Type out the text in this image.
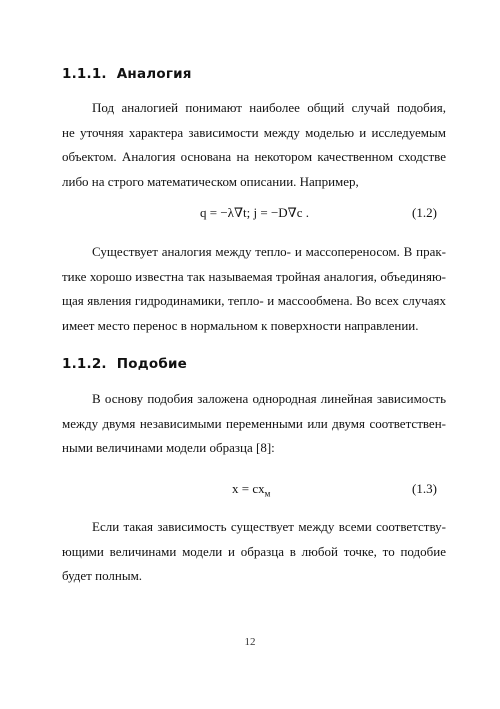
1.1.1. Аналогия
Под аналогией понимают наиболее общий случай подобия,
не уточняя характера зависимости между моделью и исследуемым
объектом. Аналогия основана на некотором качественном сходстве
либо на строго математическом описании. Например,
q = −λ∇t; j = −D∇c .	(1.2)
Существует аналогия между тепло- и массопереносом. В прак-
тике хорошо известна так называемая тройная аналогия, объединяю-
щая явления гидродинамики, тепло- и массообмена. Во всех случаях
имеет место перенос в нормальном к поверхности направлении.
1.1.2. Подобие
В основу подобия заложена однородная линейная зависимость
между двумя независимыми переменными или двумя соответствен-
ными величинами модели образца [8]:
$x = cx_м$	(1.3)
Если такая зависимость существует между всеми соответству-
ющими величинами модели и образца в любой точке, то подобие
будет полным.
12
